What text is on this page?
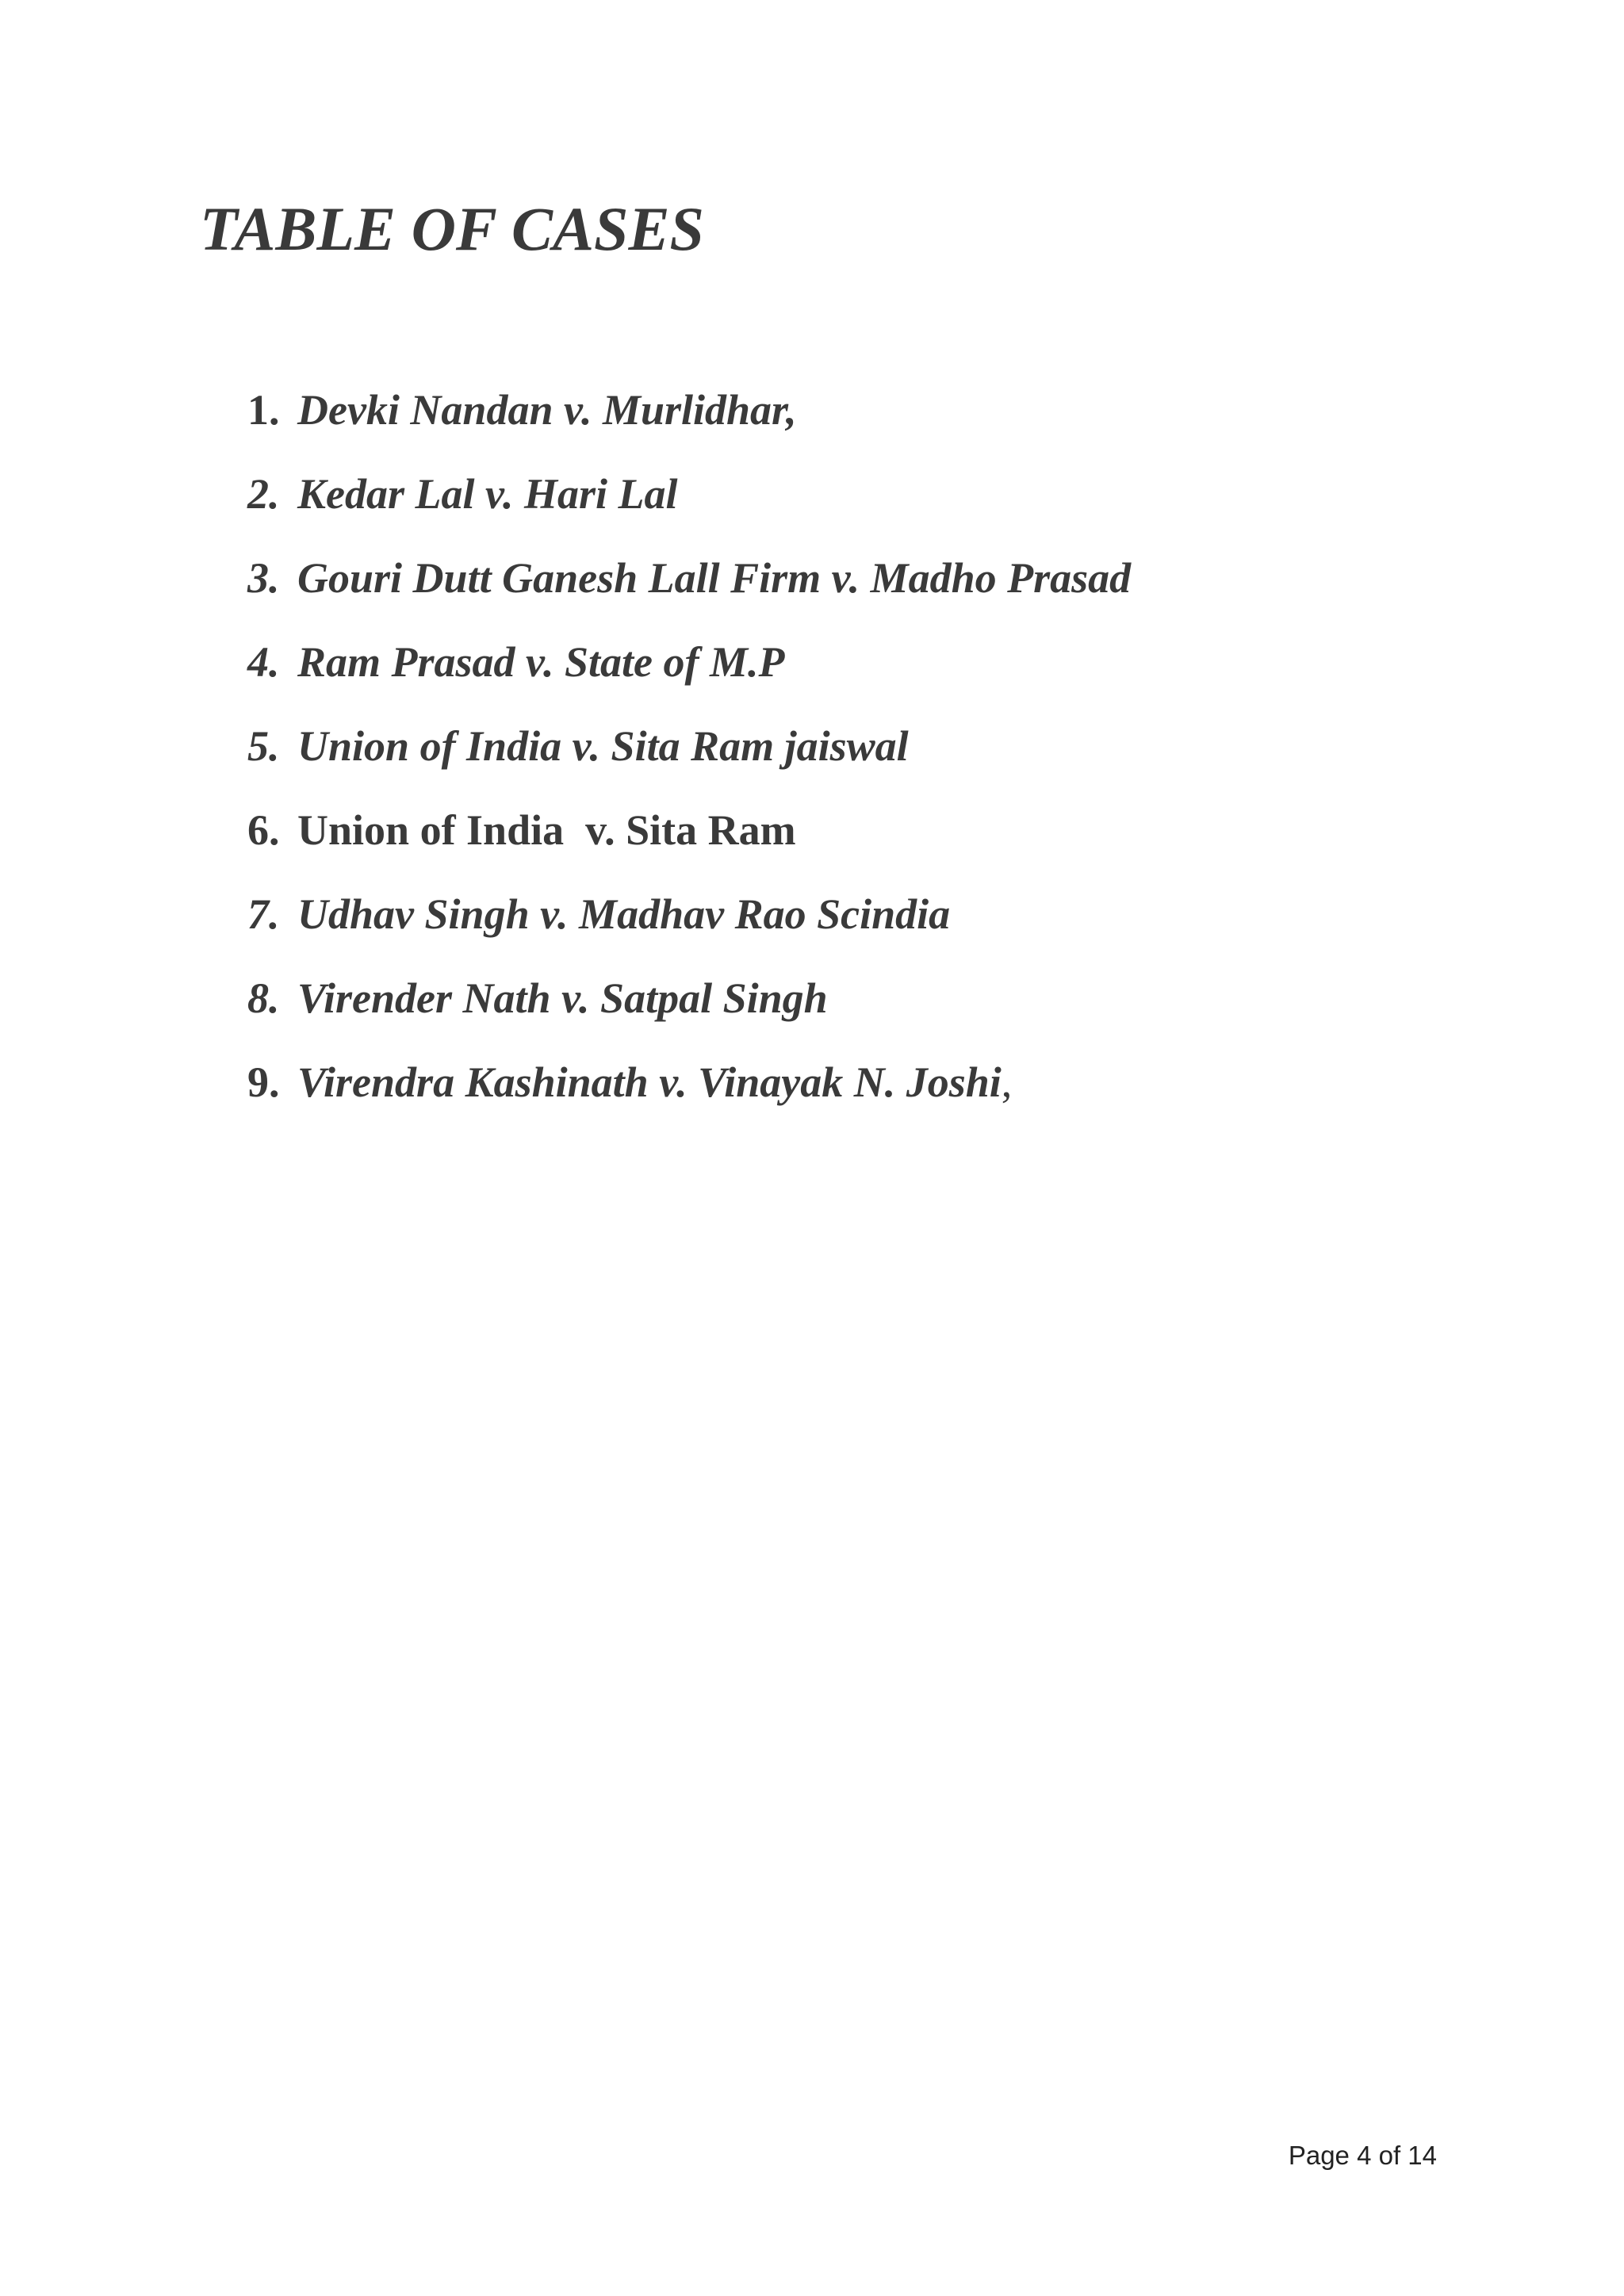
TABLE OF CASES
1. Devki Nandan v. Murlidhar,
2. Kedar Lal v. Hari Lal
3. Gouri Dutt Ganesh Lall Firm v. Madho Prasad
4. Ram Prasad v. State of M.P
5. Union of India v. Sita Ram jaiswal
6. Union of India  v. Sita Ram
7. Udhav Singh v. Madhav Rao Scindia
8. Virender Nath v. Satpal Singh
9. Virendra Kashinath v. Vinayak N. Joshi ,
Page 4 of 14
